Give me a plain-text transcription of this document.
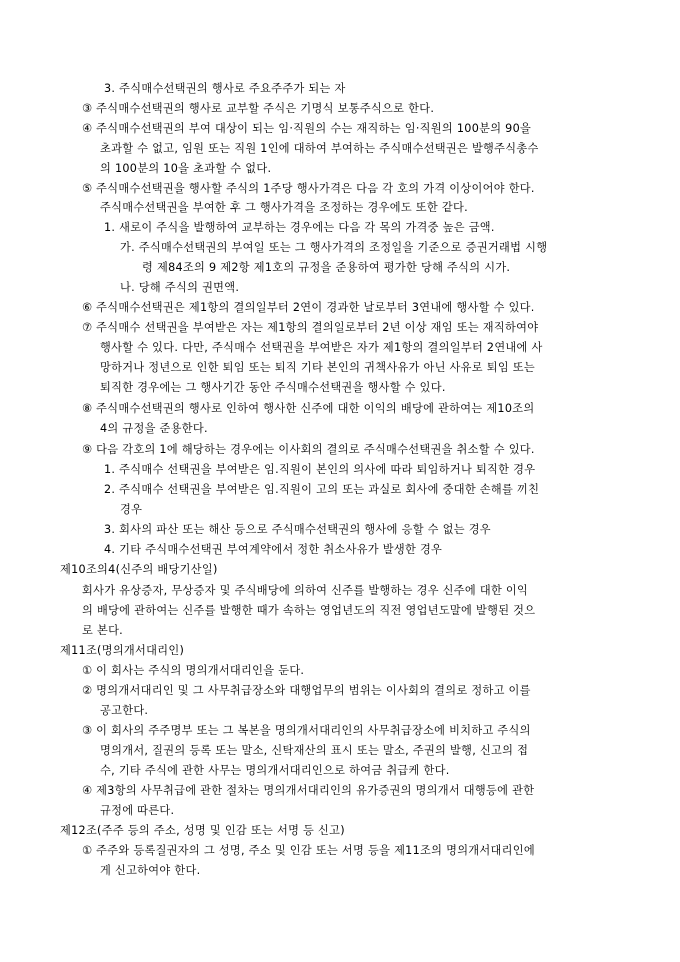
3. 주식매수선택권의 행사로 주요주주가 되는 자
③ 주식매수선택권의 행사로 교부할 주식은 기명식 보통주식으로 한다.
④ 주식매수선택권의 부여 대상이 되는 임·직원의 수는 재직하는 임·직원의 100분의 90을
초과할 수 없고, 임원 또는 직원 1인에 대하여 부여하는 주식매수선택권은 발행주식총수
의 100분의 10을 초과할 수 없다.
⑤ 주식매수선택권을 행사할 주식의 1주당 행사가격은 다음 각 호의 가격 이상이어야 한다.
주식매수선택권을 부여한 후 그 행사가격을 조정하는 경우에도 또한 같다.
1. 새로이 주식을 발행하여 교부하는 경우에는 다음 각 목의 가격중 높은 금액.
가. 주식매수선택권의 부여일 또는 그 행사가격의 조정일을 기준으로 증권거래법 시행
령 제84조의 9 제2항 제1호의 규정을 준용하여 평가한 당해 주식의 시가.
나. 당해 주식의 권면액.
⑥ 주식매수선택권은 제1항의 결의일부터 2연이 경과한 날로부터 3연내에 행사할 수 있다.
⑦ 주식매수 선택권을 부여받은 자는 제1항의 결의일로부터 2년 이상 재임 또는 재직하여야
행사할 수 있다. 다만, 주식매수 선택권을 부여받은 자가 제1항의 결의일부터 2연내에 사
망하거나 정년으로 인한 퇴임 또는 퇴직 기타 본인의 귀책사유가 아닌 사유로 퇴임 또는
퇴직한 경우에는 그 행사기간 동안 주식매수선택권을 행사할 수 있다.
⑧ 주식매수선택권의 행사로 인하여 행사한 신주에 대한 이익의 배당에 관하여는 제10조의
4의 규정을 준용한다.
⑨ 다음 각호의 1에 해당하는 경우에는 이사회의 결의로 주식매수선택권을 취소할 수 있다.
1. 주식매수 선택권을 부여받은 임.직원이 본인의 의사에 따라 퇴임하거나 퇴직한 경우
2. 주식매수 선택권을 부여받은 임.직원이 고의 또는 과실로 회사에 중대한 손해를 끼친
경우
3. 회사의 파산 또는 해산 등으로 주식매수선택권의 행사에 응할 수 없는 경우
4. 기타 주식매수선택권 부여계약에서 정한 취소사유가 발생한 경우
제10조의4(신주의 배당기산일)
회사가 유상증자, 무상증자 및 주식배당에 의하여 신주를 발행하는 경우 신주에 대한 이익
의 배당에 관하여는 신주를 발행한 때가 속하는 영업년도의 직전 영업년도말에 발행된 것으
로 본다.
제11조(명의개서대리인)
① 이 회사는 주식의 명의개서대리인을 둔다.
② 명의개서대리인 및 그 사무취급장소와 대행업무의 범위는 이사회의 결의로 정하고 이를
공고한다.
③ 이 회사의 주주명부 또는 그 복본을 명의개서대리인의 사무취급장소에 비치하고 주식의
명의개서, 질권의 등록 또는 말소, 신탁재산의 표시 또는 말소, 주권의 발행, 신고의 접
수, 기타 주식에 관한 사무는 명의개서대리인으로 하여금 취급케 한다.
④ 제3항의 사무취급에 관한 절차는 명의개서대리인의 유가증권의 명의개서 대행등에 관한
규정에 따른다.
제12조(주주 등의 주소, 성명 및 인감 또는 서명 등 신고)
① 주주와 등록질권자의 그 성명, 주소 및 인감 또는 서명 등을 제11조의 명의개서대리인에
게 신고하여야 한다.
